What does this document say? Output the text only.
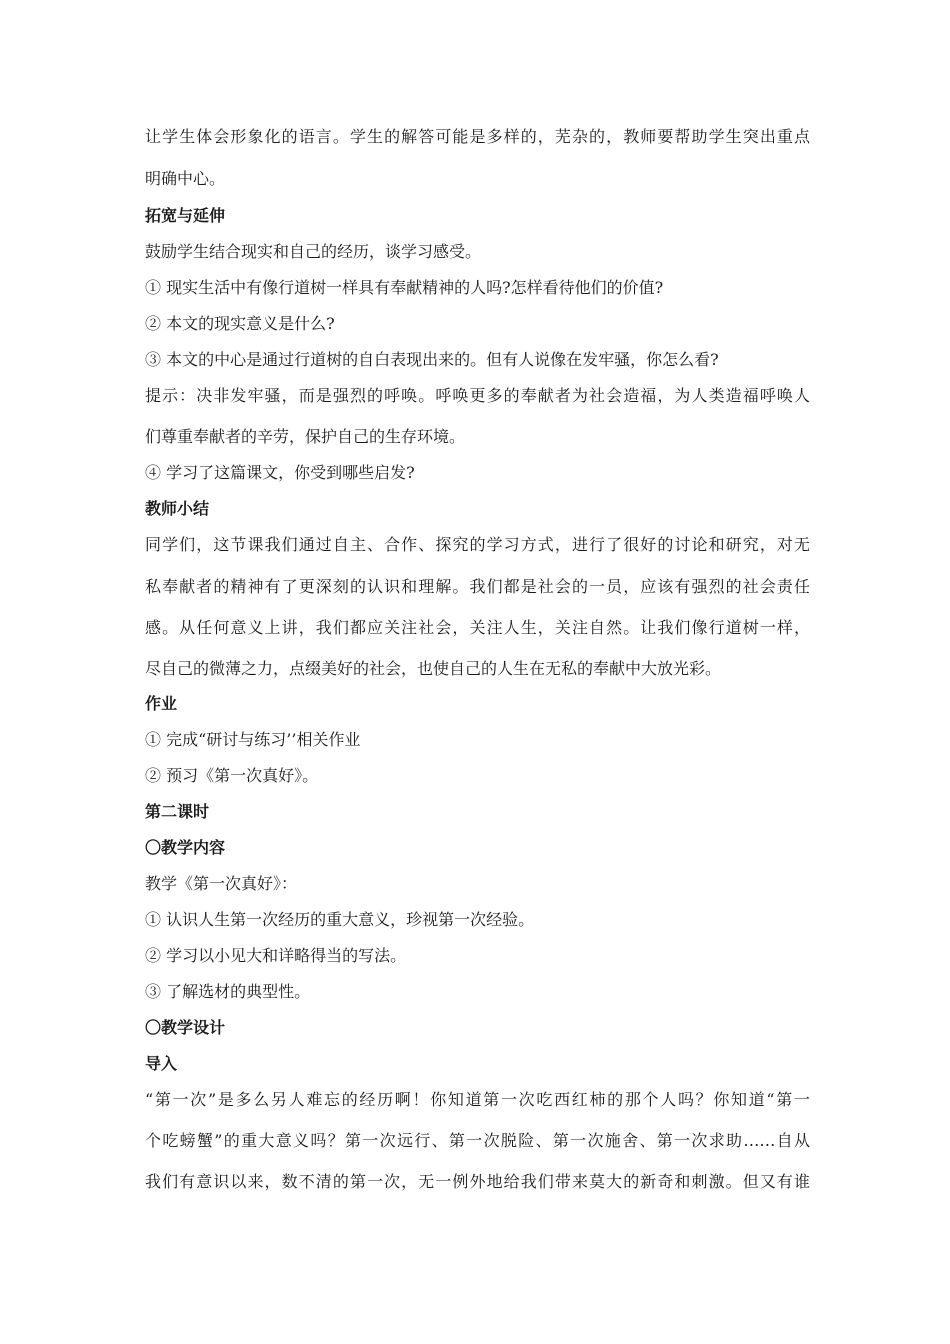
让学生体会形象化的语言。学生的解答可能是多样的，芜杂的，教师要帮助学生突出重点
明确中心。
拓宽与延伸
鼓励学生结合现实和自己的经历，谈学习感受。
① 现实生活中有像行道树一样具有奉献精神的人吗?怎样看待他们的价值?
② 本文的现实意义是什么?
③ 本文的中心是通过行道树的自白表现出来的。但有人说像在发牢骚，你怎么看?
提示：决非发牢骚，而是强烈的呼唤。呼唤更多的奉献者为社会造福，为人类造福呼唤人
们尊重奉献者的辛劳，保护自己的生存环境。
④ 学习了这篇课文，你受到哪些启发?
教师小结
同学们，这节课我们通过自主、合作、探究的学习方式，进行了很好的讨论和研究，对无
私奉献者的精神有了更深刻的认识和理解。我们都是社会的一员，应该有强烈的社会责任
感。从任何意义上讲，我们都应关注社会，关注人生，关注自然。让我们像行道树一样，
尽自己的微薄之力，点缀美好的社会，也使自己的人生在无私的奉献中大放光彩。
作业
① 完成“研讨与练习’’相关作业
② 预习《第一次真好》。
第二课时
〇教学内容
教学《第一次真好》：
① 认识人生第一次经历的重大意义，珍视第一次经验。
② 学习以小见大和详略得当的写法。
③ 了解选材的典型性。
〇教学设计
导入
“第一次”是多么另人难忘的经历啊！你知道第一次吃西红柿的那个人吗？你知道“第一
个吃螃蟹”的重大意义吗？第一次远行、第一次脱险、第一次施舍、第一次求助……自从
我们有意识以来，数不清的第一次，无一例外地给我们带来莫大的新奇和刺激。但又有谁
